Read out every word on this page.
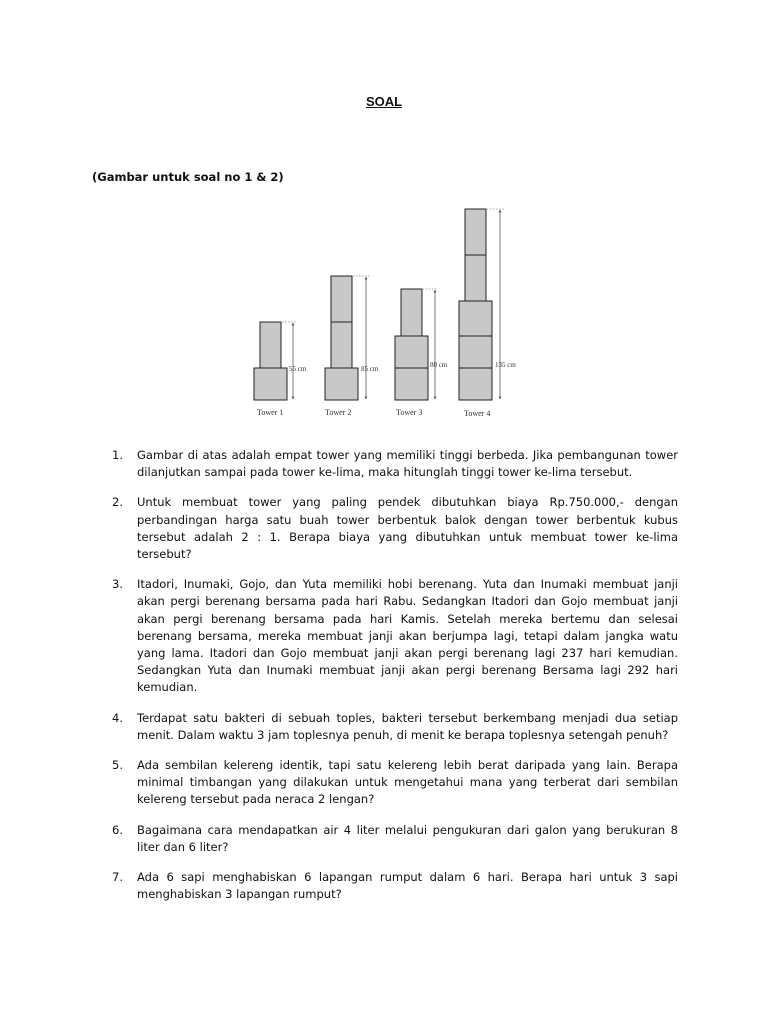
SOAL
(Gambar untuk soal no 1 & 2)
55 cm
Tower 1
85 cm
Tower 2
80 cm
Tower 3
135 cm
Tower 4
1. Gambar di atas adalah empat tower yang memiliki tinggi berbeda. Jika pembangunan tower dilanjutkan sampai pada tower ke-lima, maka hitunglah tinggi tower ke-lima tersebut.
2. Untuk membuat tower yang paling pendek dibutuhkan biaya Rp.750.000,- dengan perbandingan harga satu buah tower berbentuk balok dengan tower berbentuk kubus tersebut adalah 2 : 1. Berapa biaya yang dibutuhkan untuk membuat tower ke-lima tersebut?
3. Itadori, Inumaki, Gojo, dan Yuta memiliki hobi berenang. Yuta dan Inumaki membuat janji akan pergi berenang bersama pada hari Rabu. Sedangkan Itadori dan Gojo membuat janji akan pergi berenang bersama pada hari Kamis. Setelah mereka bertemu dan selesai berenang bersama, mereka membuat janji akan berjumpa lagi, tetapi dalam jangka watu yang lama. Itadori dan Gojo membuat janji akan pergi berenang lagi 237 hari kemudian. Sedangkan Yuta dan Inumaki membuat janji akan pergi berenang Bersama lagi 292 hari kemudian.
4. Terdapat satu bakteri di sebuah toples, bakteri tersebut berkembang menjadi dua setiap menit. Dalam waktu 3 jam toplesnya penuh, di menit ke berapa toplesnya setengah penuh?
5. Ada sembilan kelereng identik, tapi satu kelereng lebih berat daripada yang lain. Berapa minimal timbangan yang dilakukan untuk mengetahui mana yang terberat dari sembilan kelereng tersebut pada neraca 2 lengan?
6. Bagaimana cara mendapatkan air 4 liter melalui pengukuran dari galon yang berukuran 8 liter dan 6 liter?
7. Ada 6 sapi menghabiskan 6 lapangan rumput dalam 6 hari. Berapa hari untuk 3 sapi menghabiskan 3 lapangan rumput?
